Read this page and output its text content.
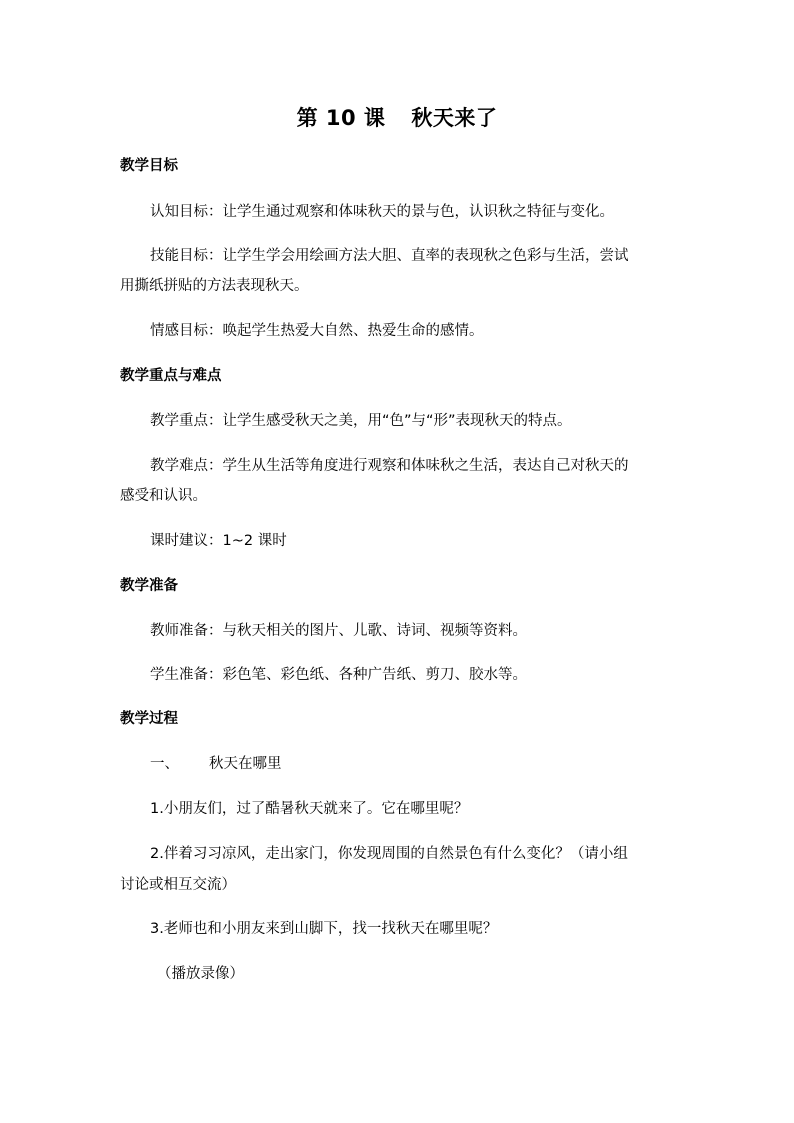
第 10 课 秋天来了
教学目标
认知目标：让学生通过观察和体味秋天的景与色，认识秋之特征与变化。
技能目标：让学生学会用绘画方法大胆、直率的表现秋之色彩与生活，尝试
用撕纸拼贴的方法表现秋天。
情感目标：唤起学生热爱大自然、热爱生命的感情。
教学重点与难点
教学重点：让学生感受秋天之美，用“色”与“形”表现秋天的特点。
教学难点：学生从生活等角度进行观察和体味秋之生活，表达自己对秋天的
感受和认识。
课时建议：1~2 课时
教学准备
教师准备：与秋天相关的图片、儿歌、诗词、视频等资料。
学生准备：彩色笔、彩色纸、各种广告纸、剪刀、胶水等。
教学过程
一、 秋天在哪里
1.小朋友们，过了酷暑秋天就来了。它在哪里呢？
2.伴着习习凉风，走出家门，你发现周围的自然景色有什么变化？（请小组
讨论或相互交流）
3.老师也和小朋友来到山脚下，找一找秋天在哪里呢？
（播放录像）
